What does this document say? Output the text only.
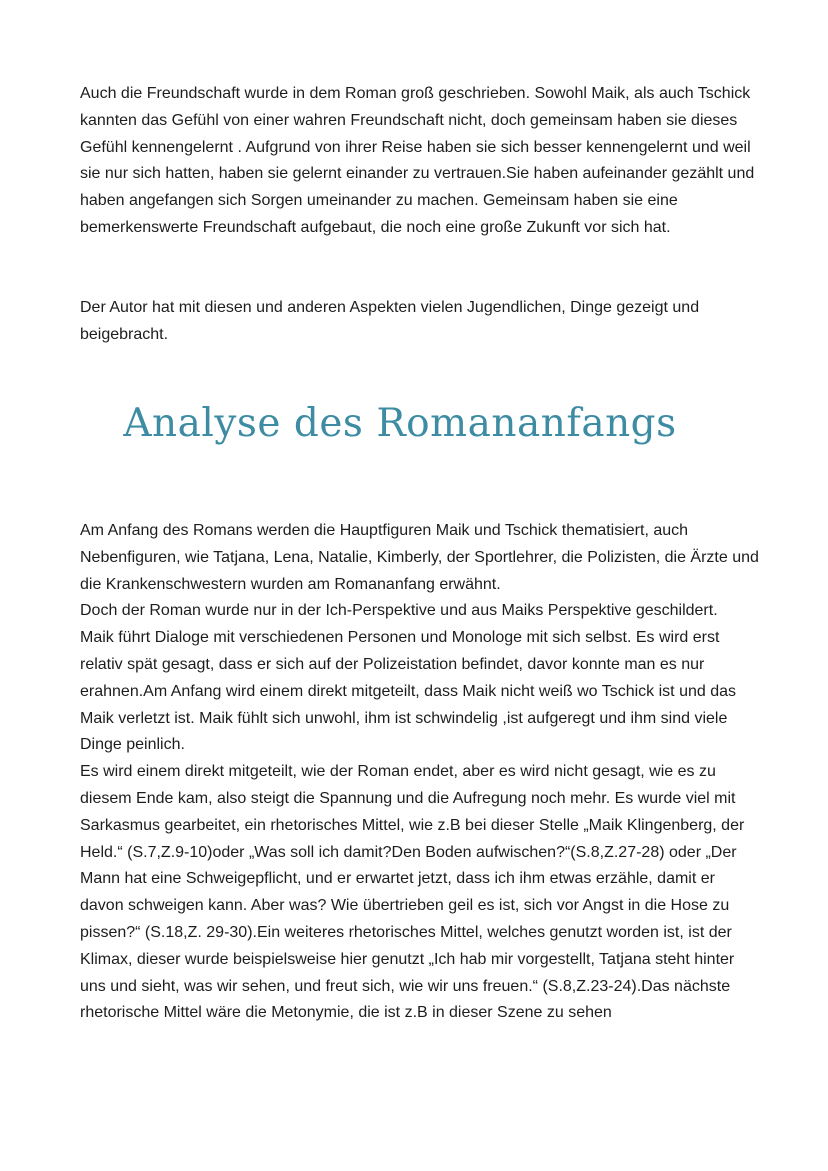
Auch die Freundschaft wurde in dem Roman groß geschrieben. Sowohl Maik, als auch Tschick kannten das Gefühl von einer wahren Freundschaft nicht, doch gemeinsam haben sie dieses Gefühl kennengelernt . Aufgrund von ihrer Reise haben sie sich besser kennengelernt und weil sie nur sich hatten, haben sie gelernt einander zu vertrauen.Sie haben aufeinander gezählt und haben angefangen sich Sorgen umeinander zu machen. Gemeinsam haben sie eine bemerkenswerte Freundschaft aufgebaut, die noch eine große Zukunft vor sich hat.

Der Autor hat mit diesen und anderen Aspekten vielen Jugendlichen, Dinge gezeigt und beigebracht.

Analyse des Romananfangs

Am Anfang des Romans werden die Hauptfiguren Maik und Tschick thematisiert, auch Nebenfiguren, wie Tatjana, Lena, Natalie, Kimberly, der Sportlehrer, die Polizisten, die Ärzte und die Krankenschwestern wurden am Romananfang erwähnt.

Doch der Roman wurde nur in der Ich-Perspektive und aus Maiks Perspektive geschildert.

Maik führt Dialoge mit verschiedenen Personen und Monologe mit sich selbst. Es wird erst relativ spät gesagt, dass er sich auf der Polizeistation befindet, davor konnte man es nur erahnen.Am Anfang wird einem direkt mitgeteilt, dass Maik nicht weiß wo Tschick ist und das Maik verletzt ist. Maik fühlt sich unwohl, ihm ist schwindelig ,ist aufgeregt und ihm sind viele Dinge peinlich.

Es wird einem direkt mitgeteilt, wie der Roman endet, aber es wird nicht gesagt, wie es zu diesem Ende kam, also steigt die Spannung und die Aufregung noch mehr. Es wurde viel mit Sarkasmus gearbeitet, ein rhetorisches Mittel, wie z.B bei dieser Stelle „Maik Klingenberg, der Held.“ (S.7,Z.9-10)oder „Was soll ich damit?Den Boden aufwischen?“(S.8,Z.27-28) oder „Der Mann hat eine Schweigepflicht, und er erwartet jetzt, dass ich ihm etwas erzähle, damit er davon schweigen kann. Aber was? Wie übertrieben geil es ist, sich vor Angst in die Hose zu pissen?“ (S.18,Z. 29-30).Ein weiteres rhetorisches Mittel, welches genutzt worden ist, ist der Klimax, dieser wurde beispielsweise hier genutzt „Ich hab mir vorgestellt, Tatjana steht hinter uns und sieht, was wir sehen, und freut sich, wie wir uns freuen.“ (S.8,Z.23-24).Das nächste rhetorische Mittel wäre die Metonymie, die ist z.B in dieser Szene zu sehen
